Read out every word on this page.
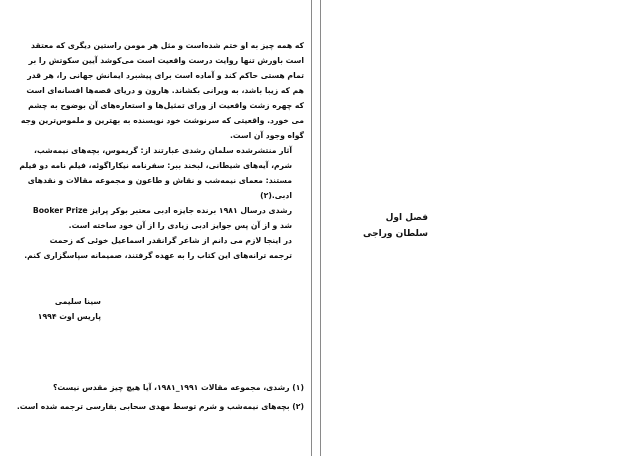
که همه چیز به او ختم شده‌است و مثل هر مومن راستین دیگری که معتقد
است باورش تنها روایت درست واقعیت است می‌کوشد آیین سکوتش را بر
تمام هستی حاکم کند و آماده است برای پیشبرد ایمانش جهانی را، هر قدر
هم که زیبا باشد، به ویرانی بکشاند. هارون و دریای قصه‌ها افسانه‌ای است
که چهره زشت واقعیت از ورای تمثیل‌ها و استعاره‌های آن بوضوح به چشم
می خورد. واقعیتی که سرنوشت خود نویسنده به بهترین و ملموس‌ترین وجه
گواه وجود آن است.

آثار منتشرشده سلمان رشدی عبارتند از: گریموس، بچه‌های نیمه‌شب،
شرم، آیه‌های شیطانی، لبخند ببر: سفرنامه نیکاراگوئه، فیلم نامه دو فیلم
مستند: معمای نیمه‌شب و نقاش و طاعون و مجموعه مقالات و نقدهای
ادبی.(۲)

رشدی درسال ۱۹۸۱ برنده جایزه ادبی معتبر بوکر پرایز Booker Prize
شد و از آن پس جوایز ادبی زیادی را از آن خود ساخته است.

در اینجا لازم می دانم از شاعر گرانقدر اسماعیل خوئی که زحمت
ترجمه ترانه‌های این کتاب را به عهده گرفتند، صمیمانه سپاسگزاری کنم.

سینا سلیمی
پاریس اوت ۱۹۹۴
(۱) رشدی، مجموعه مقالات ۱۹۹۱_۱۹۸۱، آیا هیچ چیز مقدس نیست؟
(۲) بچه‌های نیمه‌شب و شرم توسط مهدی سحابی بفارسی ترجمه شده است.
فصل اول
سلطان وراجی
